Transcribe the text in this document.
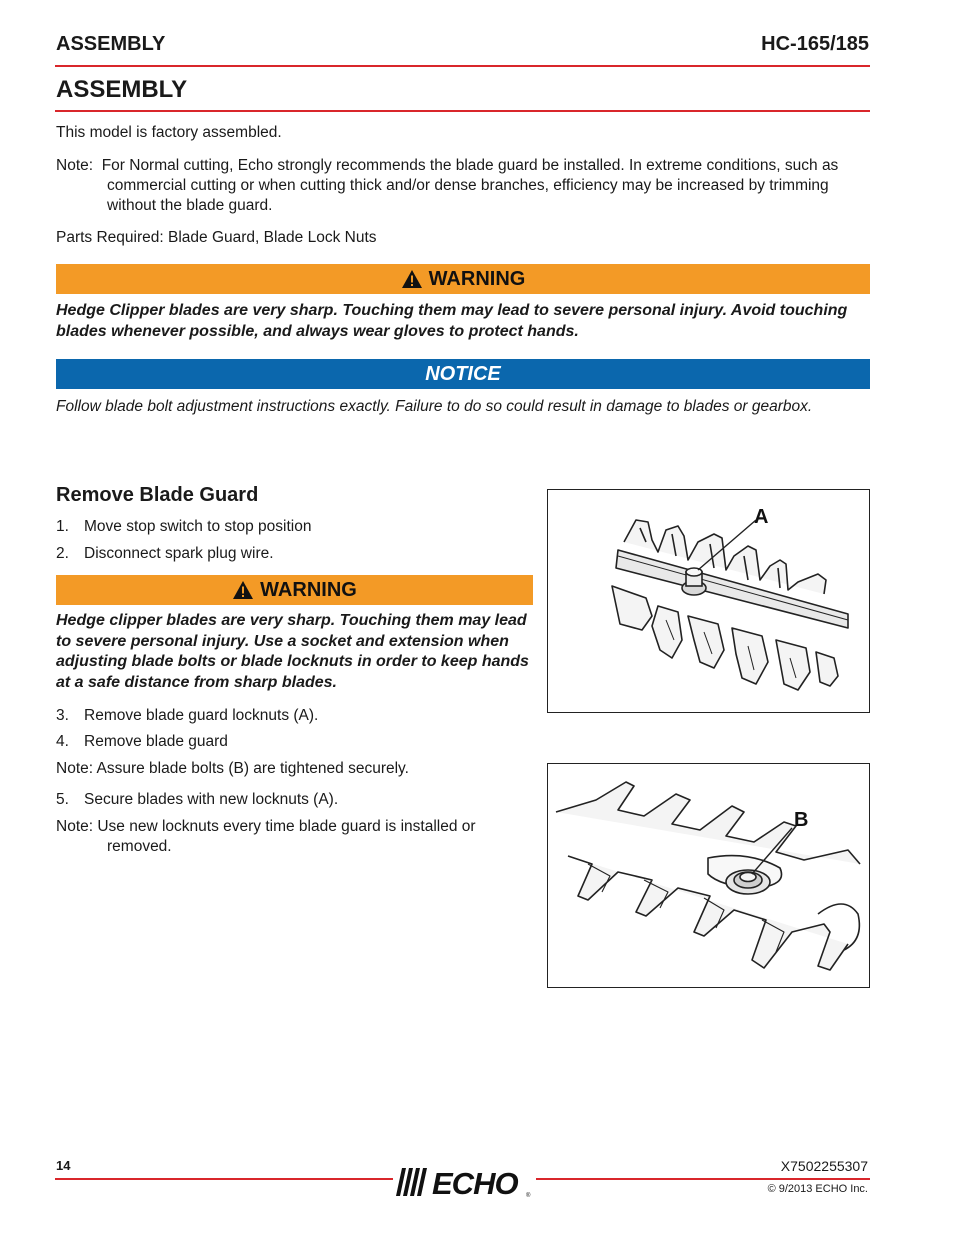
ASSEMBLY	HC-165/185
ASSEMBLY
This model is factory assembled.
Note: For Normal cutting, Echo strongly recommends the blade guard be installed. In extreme conditions, such as commercial cutting or when cutting thick and/or dense branches, efficiency may be increased by trimming without the blade guard.
Parts Required: Blade Guard, Blade Lock Nuts
WARNING
Hedge Clipper blades are very sharp. Touching them may lead to severe personal injury. Avoid touching blades whenever possible, and always wear gloves to protect hands.
NOTICE
Follow blade bolt adjustment instructions exactly. Failure to do so could result in damage to blades or gearbox.
Remove Blade Guard
1. Move stop switch to stop position
2. Disconnect spark plug wire.
WARNING
Hedge clipper blades are very sharp. Touching them may lead to severe personal injury. Use a socket and extension when adjusting blade bolts or blade locknuts in order to keep hands at a safe distance from sharp blades.
3. Remove blade guard locknuts (A).
4. Remove blade guard
Note: Assure blade bolts (B) are tightened securely.
5. Secure blades with new locknuts (A).
Note: Use new locknuts every time blade guard is installed or removed.
A
B
14	X7502255307
ECHO ®
© 9/2013 ECHO Inc.
